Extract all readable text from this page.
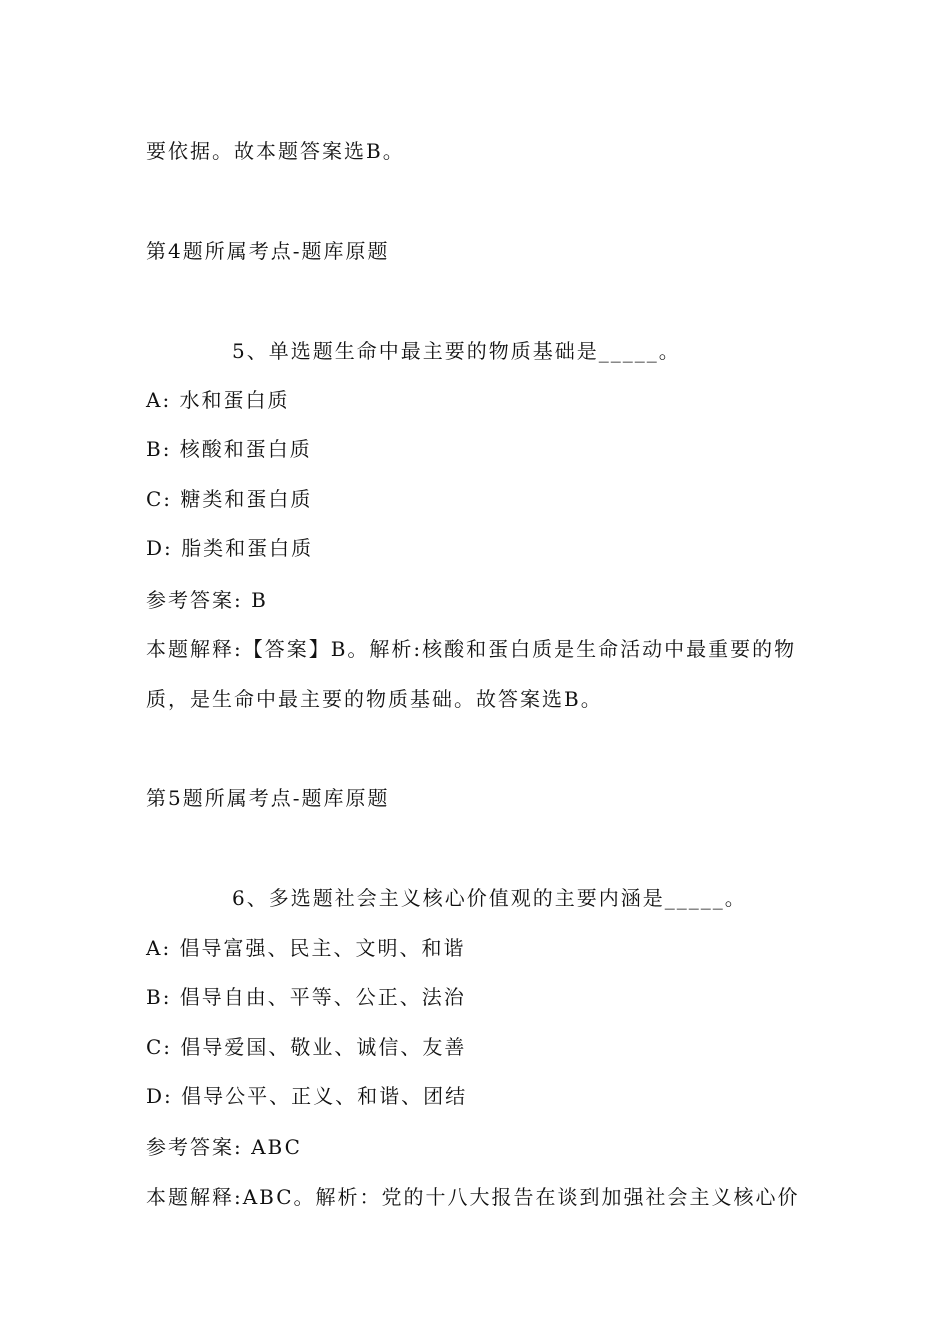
要依据。故本题答案选B。
第4题所属考点-题库原题
5、单选题生命中最主要的物质基础是_____。
A: 水和蛋白质
B: 核酸和蛋白质
C: 糖类和蛋白质
D: 脂类和蛋白质
参考答案: B
本题解释:【答案】B。解析:核酸和蛋白质是生命活动中最重要的物
质，是生命中最主要的物质基础。故答案选B。
第5题所属考点-题库原题
6、多选题社会主义核心价值观的主要内涵是_____。
A: 倡导富强、民主、文明、和谐
B: 倡导自由、平等、公正、法治
C: 倡导爱国、敬业、诚信、友善
D: 倡导公平、正义、和谐、团结
参考答案: ABC
本题解释:ABC。解析：党的十八大报告在谈到加强社会主义核心价
